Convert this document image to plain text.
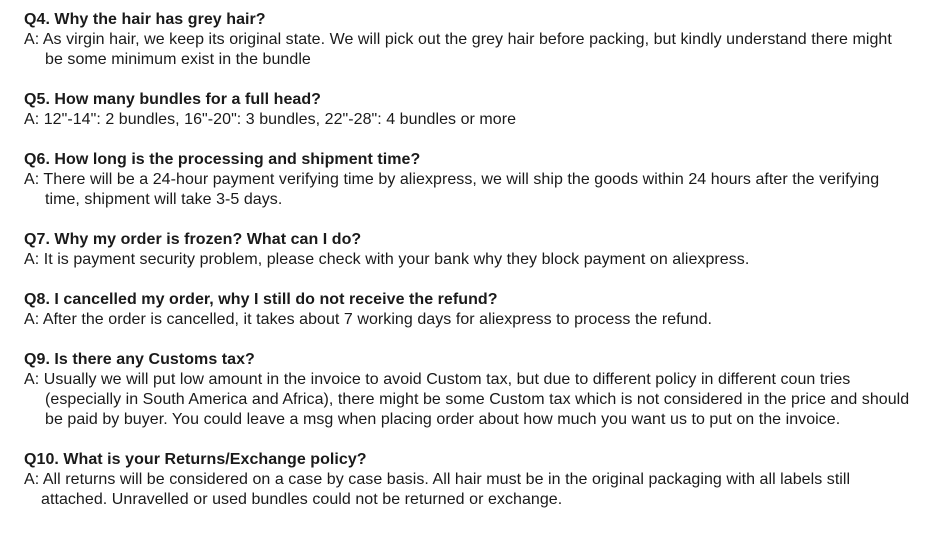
Q4. Why the hair has grey hair?

A: As virgin hair, we keep its original state. We will pick out the grey hair before packing, but kindly understand there might be some minimum exist in the bundle

Q5. How many bundles for a full head?

A: 12"-14": 2 bundles, 16"-20": 3 bundles, 22"-28": 4 bundles or more

Q6. How long is the processing and shipment time?

A: There will be a 24-hour payment verifying time by aliexpress, we will ship the goods within 24 hours after the verifying time, shipment will take 3-5 days.

Q7. Why my order is frozen? What can I do?

A: It is payment security problem, please check with your bank why they block payment on aliexpress.

Q8. I cancelled my order, why I still do not receive the refund?

A: After the order is cancelled, it takes about 7 working days for aliexpress to process the refund.

Q9. Is there any Customs tax?

A: Usually we will put low amount in the invoice to avoid Custom tax, but due to different policy in different coun tries (especially in South America and Africa), there might be some Custom tax which is not considered in the price and should be paid by buyer. You could leave a msg when placing order about how much you want us to put on the invoice.

Q10. What is your Returns/Exchange policy?

A: All returns will be considered on a case by case basis. All hair must be in the original packaging with all labels still attached. Unravelled or used bundles could not be returned or exchange.
